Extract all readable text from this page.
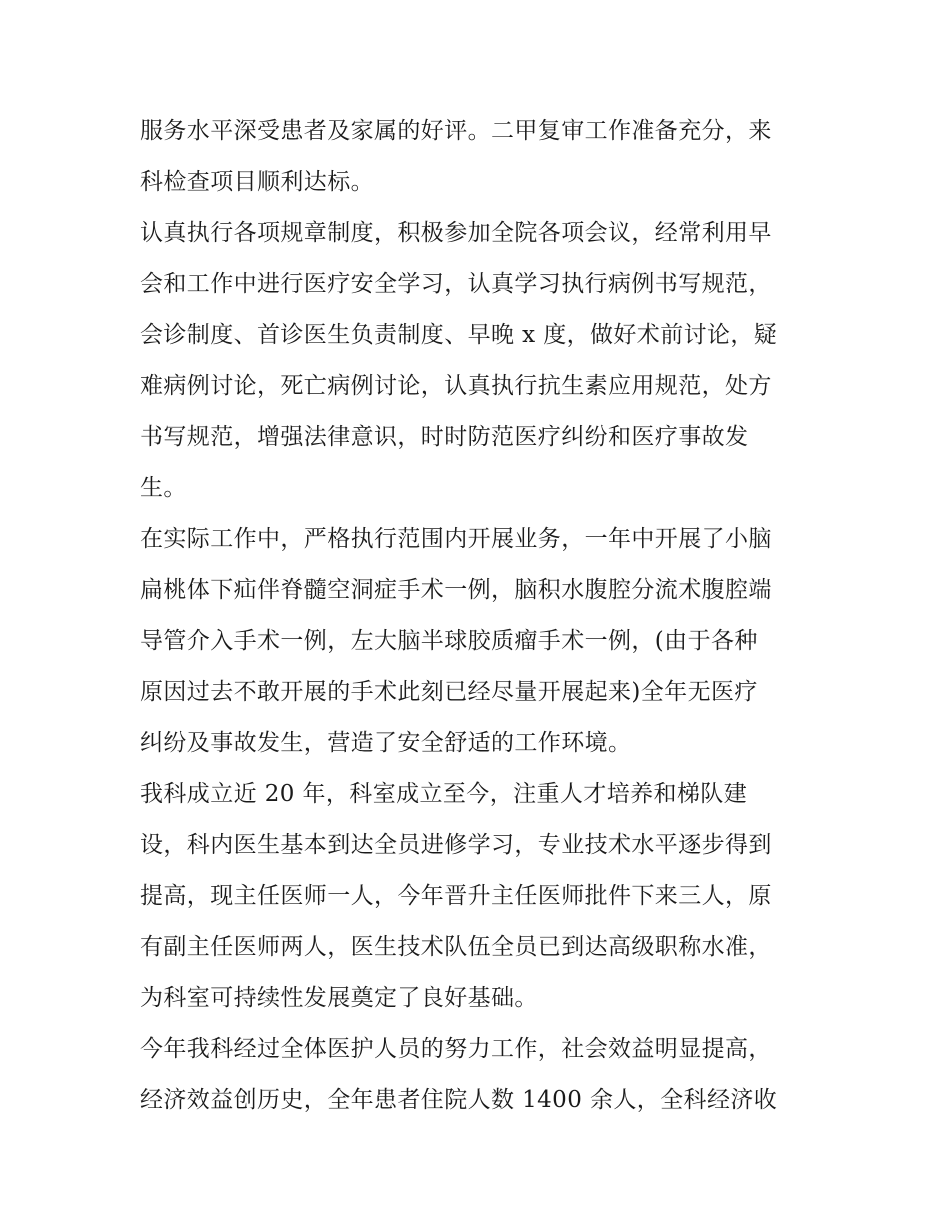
服务水平深受患者及家属的好评。二甲复审工作准备充分，来
科检查项目顺利达标。
认真执行各项规章制度，积极参加全院各项会议，经常利用早
会和工作中进行医疗安全学习，认真学习执行病例书写规范，
会诊制度、首诊医生负责制度、早晚 x 度，做好术前讨论，疑
难病例讨论，死亡病例讨论，认真执行抗生素应用规范，处方
书写规范，增强法律意识，时时防范医疗纠纷和医疗事故发
生。
在实际工作中，严格执行范围内开展业务，一年中开展了小脑
扁桃体下疝伴脊髓空洞症手术一例，脑积水腹腔分流术腹腔端
导管介入手术一例，左大脑半球胶质瘤手术一例，(由于各种
原因过去不敢开展的手术此刻已经尽量开展起来)全年无医疗
纠纷及事故发生，营造了安全舒适的工作环境。
我科成立近 20 年，科室成立至今，注重人才培养和梯队建
设，科内医生基本到达全员进修学习，专业技术水平逐步得到
提高，现主任医师一人，今年晋升主任医师批件下来三人，原
有副主任医师两人，医生技术队伍全员已到达高级职称水准，
为科室可持续性发展奠定了良好基础。
今年我科经过全体医护人员的努力工作，社会效益明显提高，
经济效益创历史，全年患者住院人数 1400 余人，全科经济收
